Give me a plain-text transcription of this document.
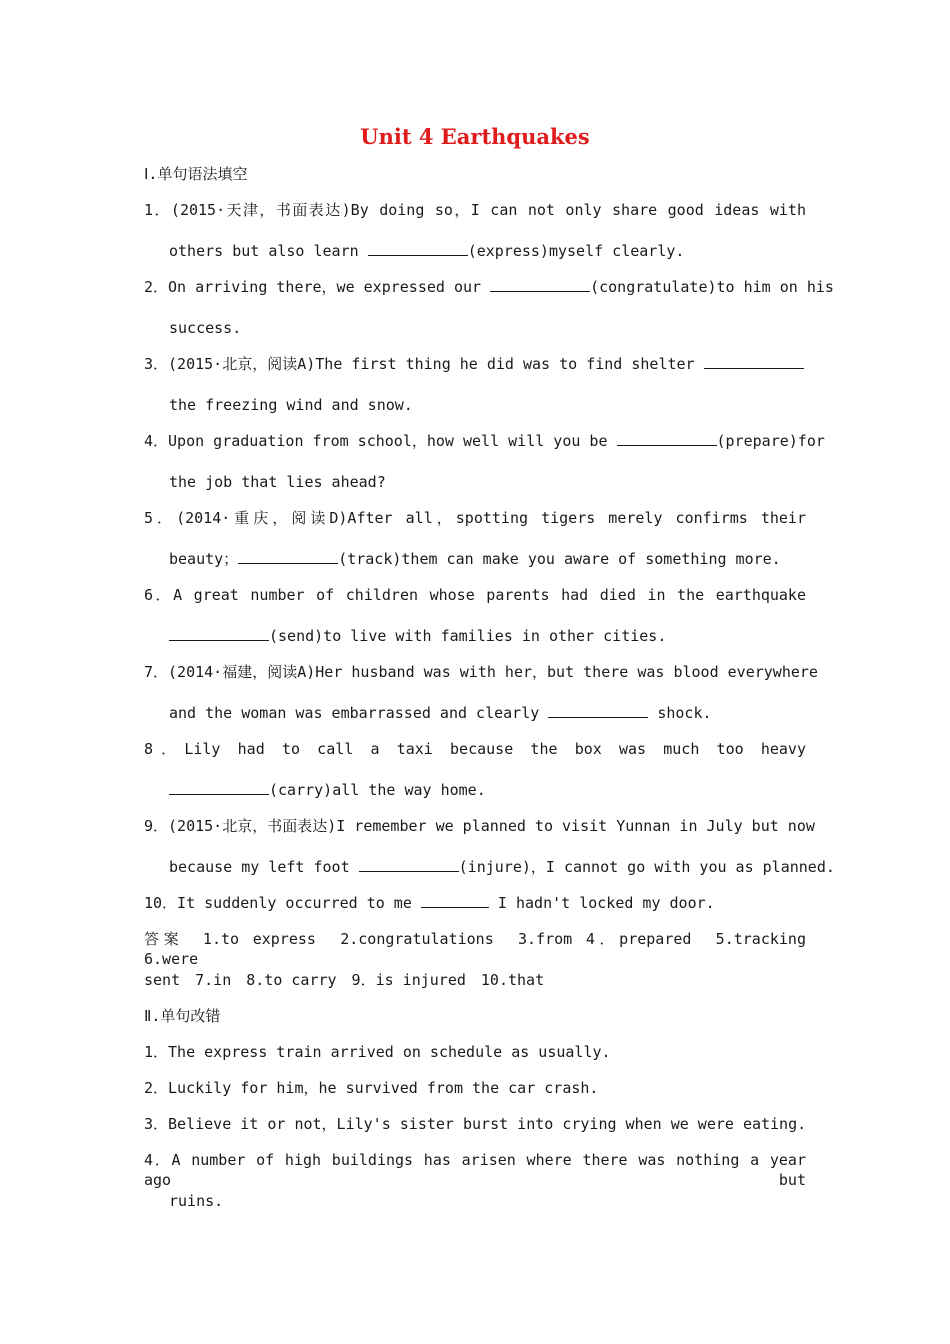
Unit 4 Earthquakes
Ⅰ.单句语法填空
1．(2015·天津，书面表达)By doing so，I can not only share good ideas with
others but also learn	(express)myself clearly.
2．On arriving there，we expressed our	(congratulate)to him on his
success.
3．(2015·北京，阅读A)The first thing he did was to find shelter
the freezing wind and snow.
4．Upon graduation from school，how well will you be	(prepare)for
the job that lies ahead?
5．(2014·重庆，阅读D)After all，spotting tigers merely confirms their
beauty；	(track)them can make you aware of something more.
6．A great number of children whose parents had died in the earthquake
(send)to live with families in other cities.
7．(2014·福建，阅读A)Her husband was with her，but there was blood everywhere
and the woman was embarrassed and clearly	shock.
8．Lily had to call a taxi because the box was much too heavy
(carry)all the way home.
9．(2015·北京，书面表达)I remember we planned to visit Yunnan in July but now
because my left foot	(injure)，I cannot go with you as planned.
10．It suddenly occurred to me	I hadn't locked my door.
答案　1.to express　2.congratulations　3.from 4．prepared　5.tracking　6.were
sent　7.in　8.to carry　9．is injured　10.that
Ⅱ.单句改错
1．The express train arrived on schedule as usually.
2．Luckily for him，he survived from the car crash.
3．Believe it or not，Lily's sister burst into crying when we were eating.
4．A number of high buildings has arisen where there was nothing a year ago but
ruins.
